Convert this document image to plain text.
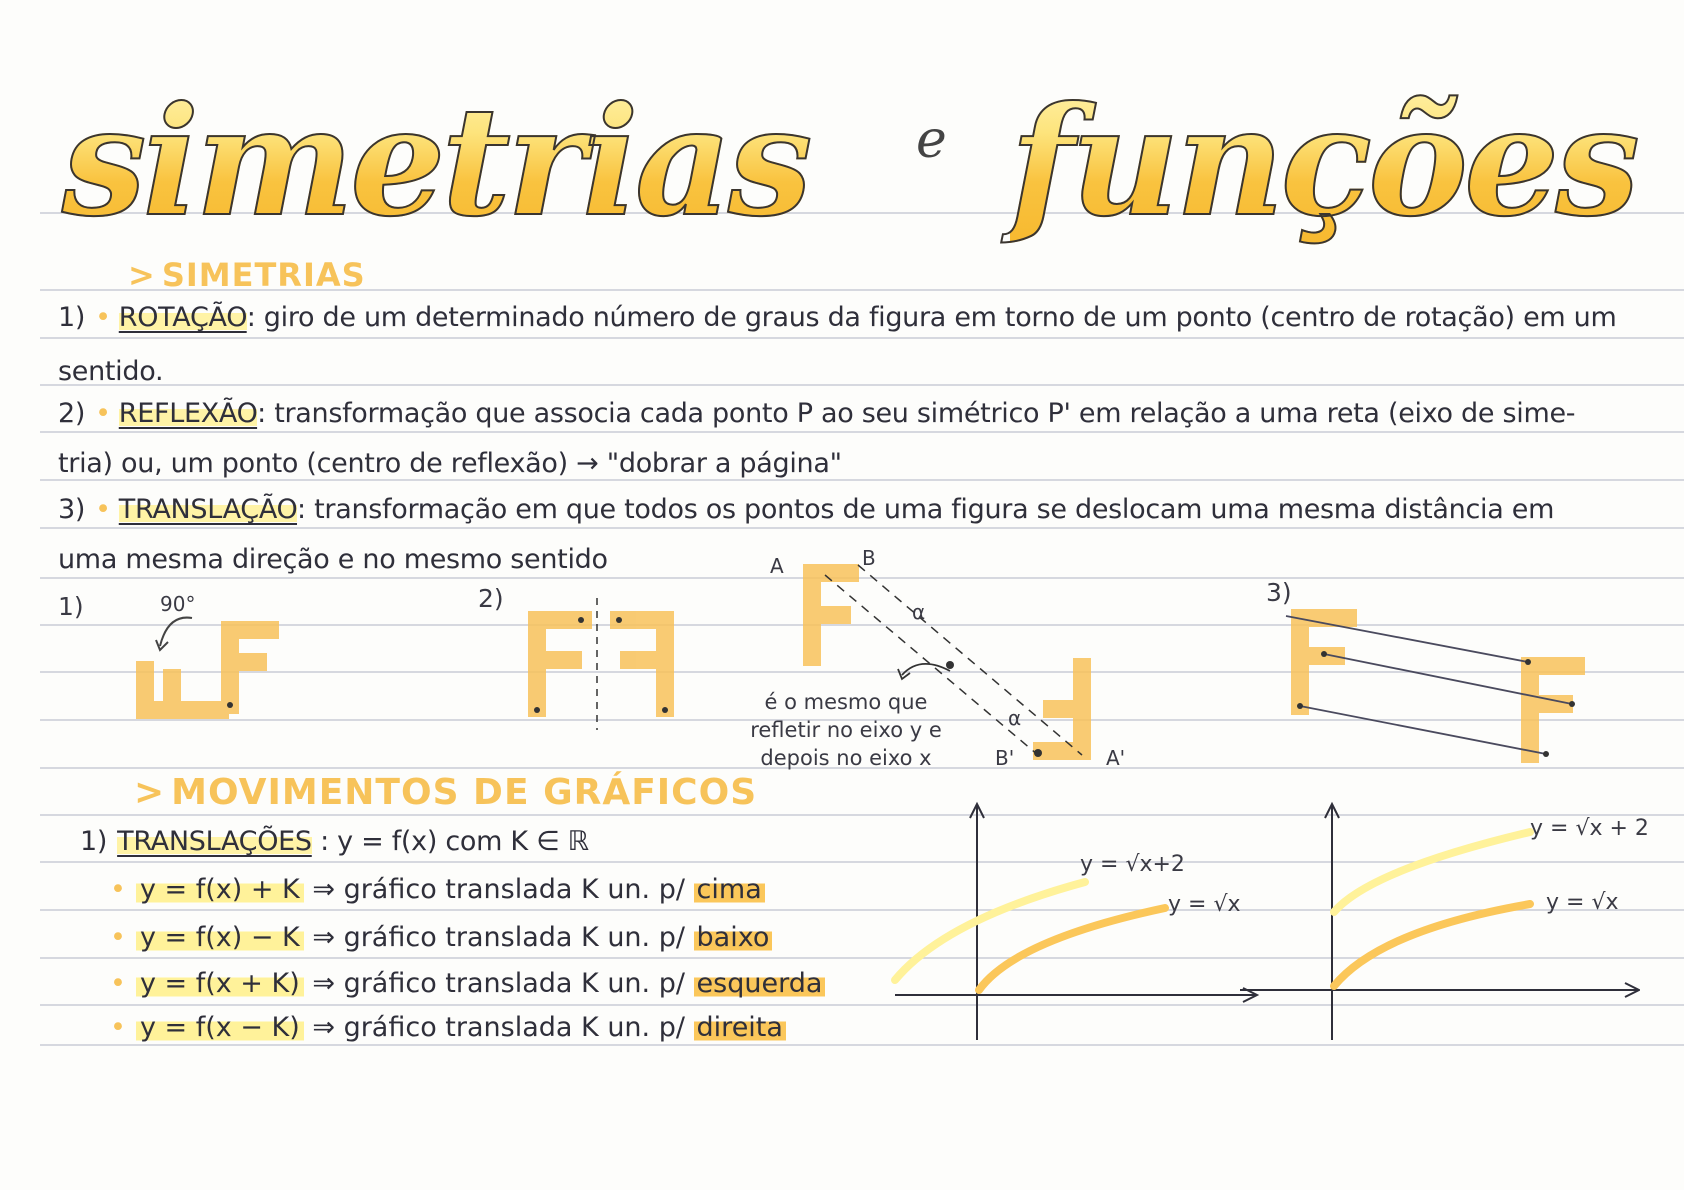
simetrias e funções
> SIMETRIAS
1) • ROTAÇÃO: giro de um determinado número de graus da figura em torno de um ponto (centro de rotação) em um
sentido.
2) • REFLEXÃO: transformação que associa cada ponto P ao seu simétrico P' em relação a uma reta (eixo de sime-
tria) ou, um ponto (centro de reflexão) → "dobrar a página"
3) • TRANSLAÇÃO: transformação em que todos os pontos de uma figura se deslocam uma mesma distância em
uma mesma direção e no mesmo sentido
1)	90°	2)
A	B
α
α
B'	A'
é o mesmo que
refletir no eixo y e
depois no eixo x
3)
> MOVIMENTOS DE GRÁFICOS
1) TRANSLAÇÕES : y = f(x) com K ∈ ℝ
• y = f(x) + K ⇒ gráfico translada K un. p/ cima
• y = f(x) − K ⇒ gráfico translada K un. p/ baixo
• y = f(x + K) ⇒ gráfico translada K un. p/ esquerda
• y = f(x − K) ⇒ gráfico translada K un. p/ direita
y = √x+2
y = √x
y = √x + 2
y = √x
